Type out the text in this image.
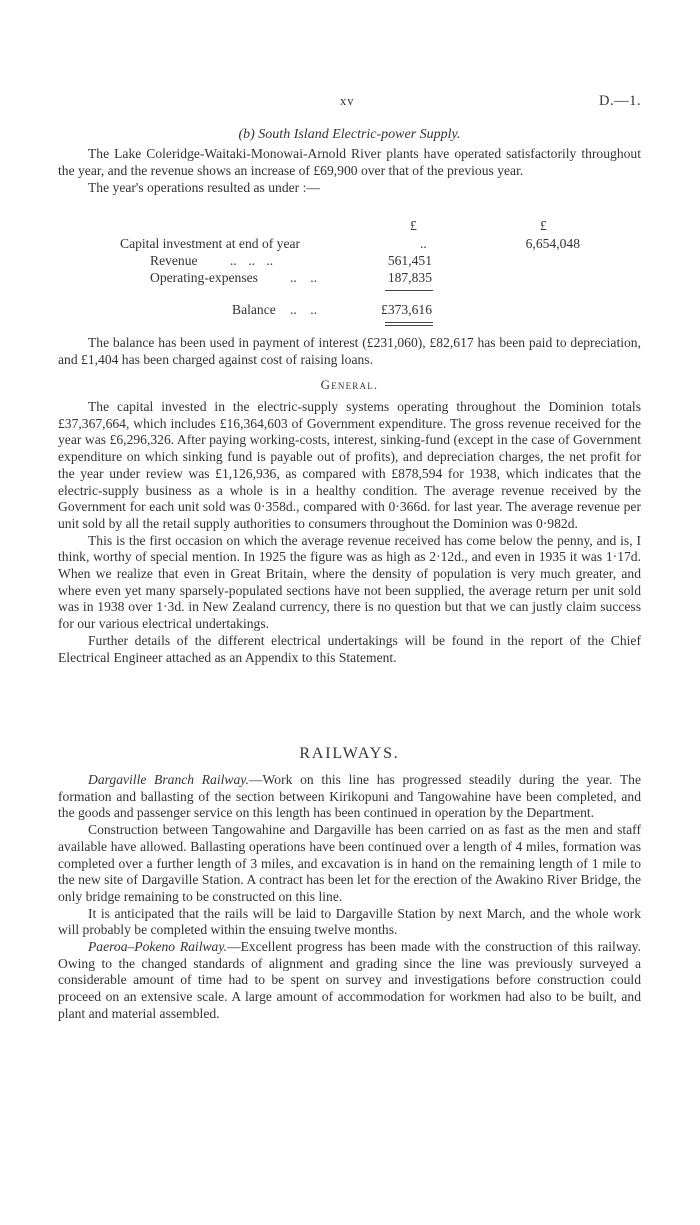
xv	D.—1.
(b) South Island Electric-power Supply.

The Lake Coleridge-Waitaki-Monowai-Arnold River plants have operated satisfactorily throughout the year, and the revenue shows an increase of £69,900 over that of the previous year.

The year's operations resulted as under :—

£	£
Capital investment at end of year	..	6,654,048
Revenue .. .. ..	561,451
Operating-expenses .. ..	187,835
Balance .. ..	£373,616

The balance has been used in payment of interest (£231,060), £82,617 has been paid to depreciation, and £1,404 has been charged against cost of raising loans.

General.

The capital invested in the electric-supply systems operating throughout the Dominion totals £37,367,664, which includes £16,364,603 of Government expenditure. The gross revenue received for the year was £6,296,326. After paying working-costs, interest, sinking-fund (except in the case of Government expenditure on which sinking fund is payable out of profits), and depreciation charges, the net profit for the year under review was £1,126,936, as compared with £878,594 for 1938, which indicates that the electric-supply business as a whole is in a healthy condition. The average revenue received by the Government for each unit sold was 0·358d., compared with 0·366d. for last year. The average revenue per unit sold by all the retail supply authorities to consumers throughout the Dominion was 0·982d.

This is the first occasion on which the average revenue received has come below the penny, and is, I think, worthy of special mention. In 1925 the figure was as high as 2·12d., and even in 1935 it was 1·17d. When we realize that even in Great Britain, where the density of population is very much greater, and where even yet many sparsely-populated sections have not been supplied, the average return per unit sold was in 1938 over 1·3d. in New Zealand currency, there is no question but that we can justly claim success for our various electrical undertakings.

Further details of the different electrical undertakings will be found in the report of the Chief Electrical Engineer attached as an Appendix to this Statement.

RAILWAYS.

Dargaville Branch Railway.—Work on this line has progressed steadily during the year. The formation and ballasting of the section between Kirikopuni and Tangowahine have been completed, and the goods and passenger service on this length has been continued in operation by the Department.

Construction between Tangowahine and Dargaville has been carried on as fast as the men and staff available have allowed. Ballasting operations have been continued over a length of 4 miles, formation was completed over a further length of 3 miles, and excavation is in hand on the remaining length of 1 mile to the new site of Dargaville Station. A contract has been let for the erection of the Awakino River Bridge, the only bridge remaining to be constructed on this line.

It is anticipated that the rails will be laid to Dargaville Station by next March, and the whole work will probably be completed within the ensuing twelve months.

Paeroa–Pokeno Railway.—Excellent progress has been made with the construction of this railway. Owing to the changed standards of alignment and grading since the line was previously surveyed a considerable amount of time had to be spent on survey and investigations before construction could proceed on an extensive scale. A large amount of accommodation for workmen had also to be built, and plant and material assembled.
